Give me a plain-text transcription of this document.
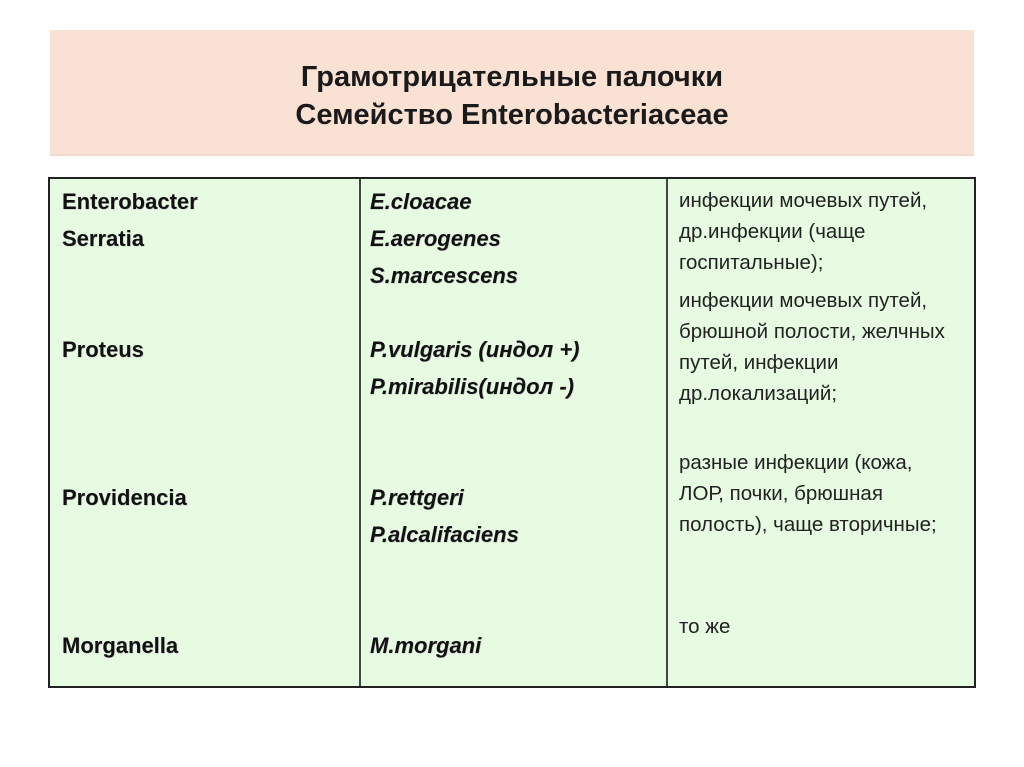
Грамотрицательные палочки
Семейство Enterobacteriaceae
Enterobacter
Serratia
Proteus
Providencia
Morganella
E.cloacae
E.aerogenes
S.marcescens
P.vulgaris (индол +)
P.mirabilis(индол -)
P.rettgeri
P.alcalifaciens
M.morgani
инфекции мочевых путей, др.инфекции (чаще госпитальные);
инфекции мочевых путей, брюшной полости, желчных путей, инфекции др.локализаций;
разные инфекции (кожа, ЛОР, почки, брюшная полость), чаще вторичные;
то же
